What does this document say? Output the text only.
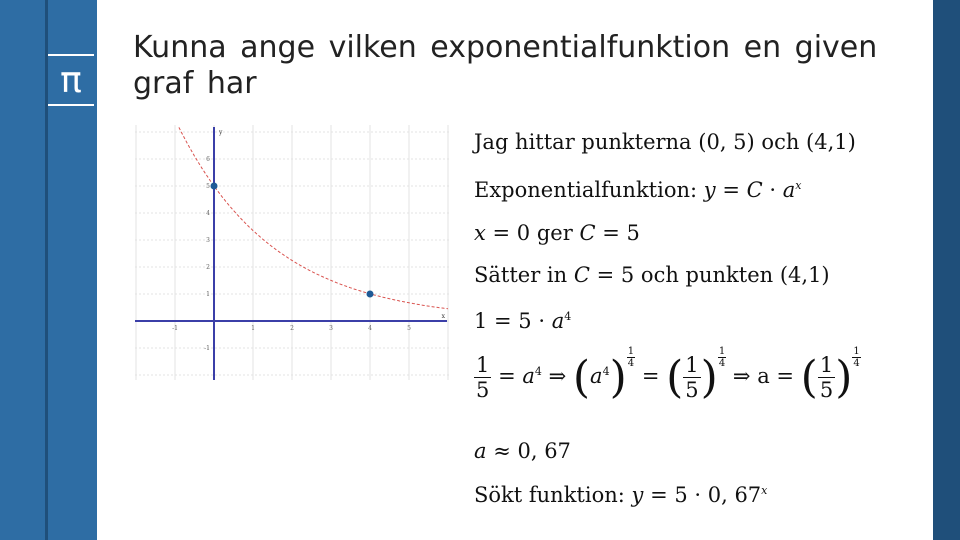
π
Kunna ange vilken exponentialfunktion en given graf har
x
y
-1	1	2	3	4	5
1
2
3
4
5
6
-1
Jag hittar punkterna (0, 5) och (4,1)
Exponentialfunktion: $y = C \cdot a^x$
x = 0 ger C = 5
Sätter in C = 5 och punkten (4,1)
$1 = 5 \cdot a^4$
$\frac{1}{5} = a^4$ ⇒ $(a^4) \frac{1}{4}$ = ( $\frac{1}{5}$ ) $\frac{1}{4}$ ⇒ a = ( $\frac{1}{5}$ ) $\frac{1}{4}$
a ≈ 0, 67
Sökt funktion: y = 5 · 0, 67$^x$
